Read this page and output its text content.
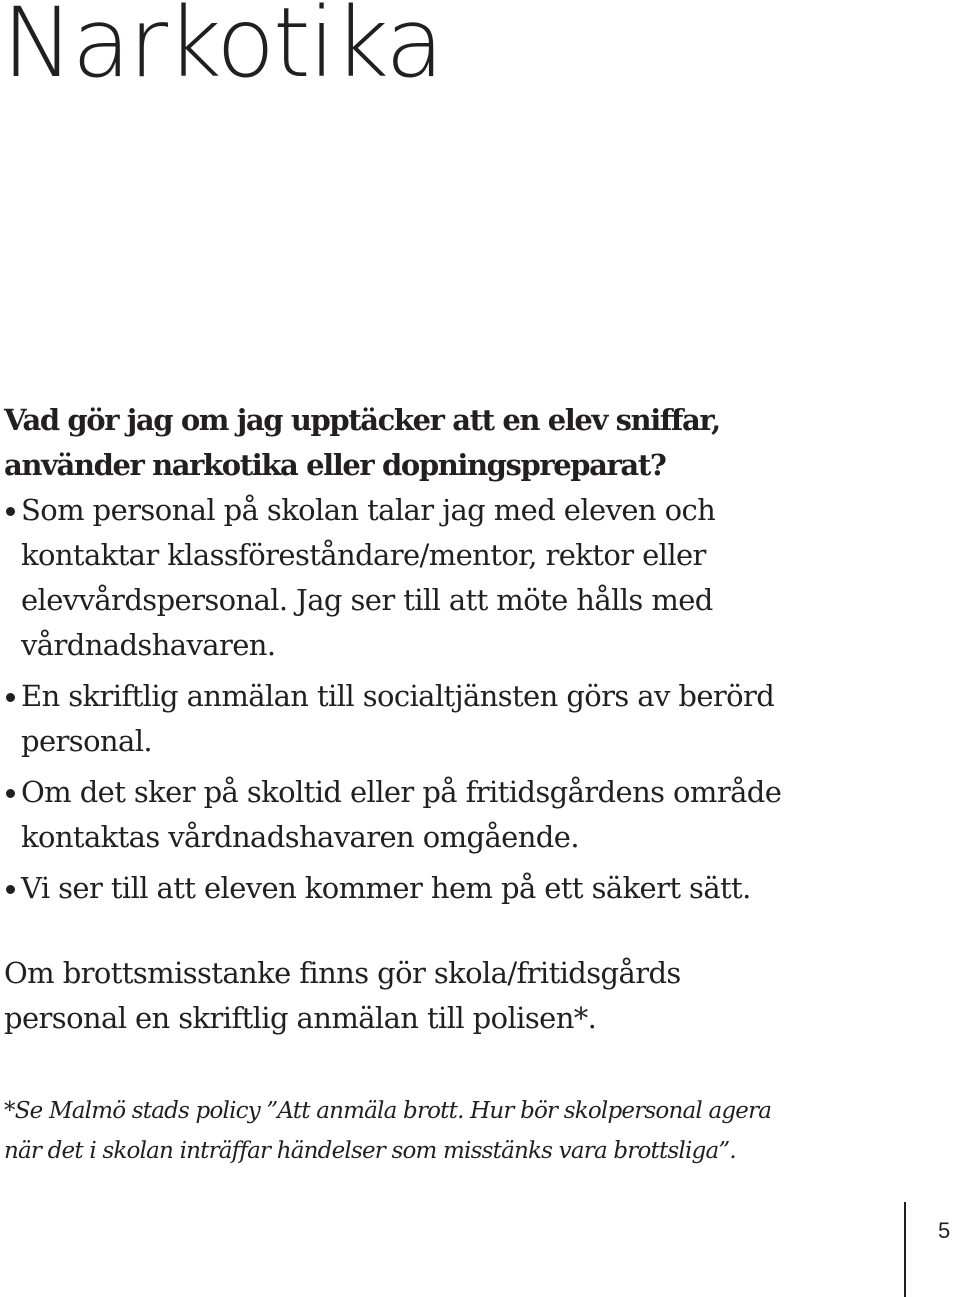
Narkotika

Vad gör jag om jag upptäcker att en elev sniffar, använder narkotika eller dopningspreparat?

Som personal på skolan talar jag med eleven och kontaktar klassföreståndare/mentor, rektor eller elevvårdspersonal. Jag ser till att möte hålls med vårdnadshavaren.
En skriftlig anmälan till socialtjänsten görs av berörd personal.
Om det sker på skoltid eller på fritidsgårdens område kontaktas vårdnadshavaren omgående.
Vi ser till att eleven kommer hem på ett säkert sätt.

Om brottsmisstanke finns gör skola/fritidsgårds personal en skriftlig anmälan till polisen*.

*Se Malmö stads policy ”Att anmäla brott. Hur bör skolpersonal agera när det i skolan inträffar händelser som misstänks vara brottsliga”.

5
